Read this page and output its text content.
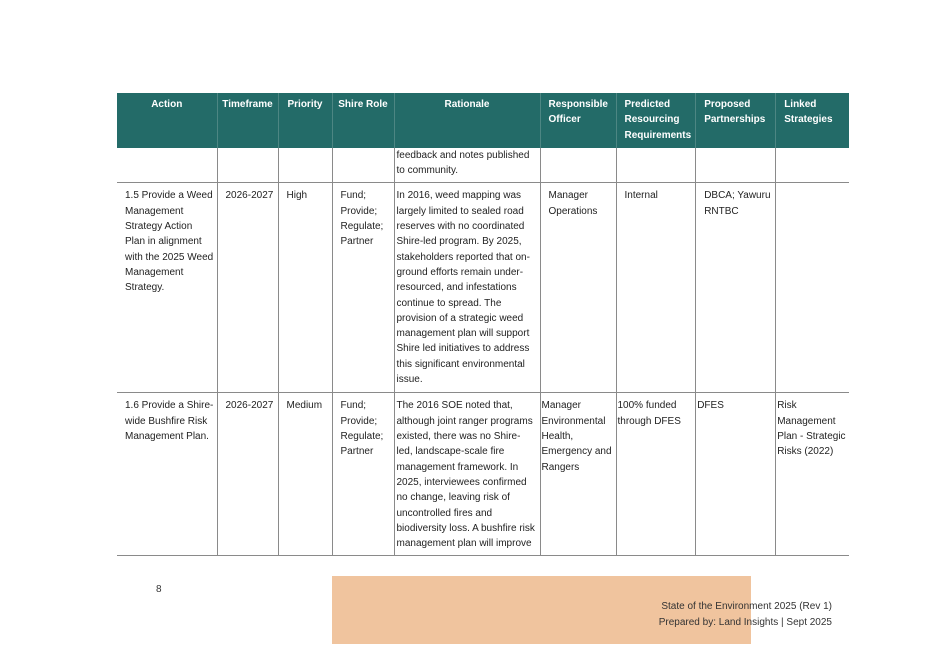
Action	Timeframe	Priority	Shire Role	Rationale	Responsible Officer	Predicted Resourcing Requirements	Proposed Partnerships	Linked Strategies
				feedback and notes published to community.				
1.5 Provide a Weed Management Strategy Action Plan in alignment with the 2025 Weed Management Strategy.	2026-2027	High	Fund; Provide; Regulate; Partner	In 2016, weed mapping was largely limited to sealed road reserves with no coordinated Shire-led program. By 2025, stakeholders reported that on-ground efforts remain under-resourced, and infestations continue to spread. The provision of a strategic weed management plan will support Shire led initiatives to address this significant environmental issue.	Manager Operations	Internal	DBCA; Yawuru RNTBC	
1.6 Provide a Shire-wide Bushfire Risk Management Plan.	2026-2027	Medium	Fund; Provide; Regulate; Partner	The 2016 SOE noted that, although joint ranger programs existed, there was no Shire-led, landscape-scale fire management framework. In 2025, interviewees confirmed no change, leaving risk of uncontrolled fires and biodiversity loss. A bushfire risk management plan will improve	Manager Environmental Health, Emergency and Rangers	100% funded through DFES	DFES	Risk Management Plan - Strategic Risks (2022)
8
State of the Environment 2025 (Rev 1)
Prepared by: Land Insights | Sept 2025
